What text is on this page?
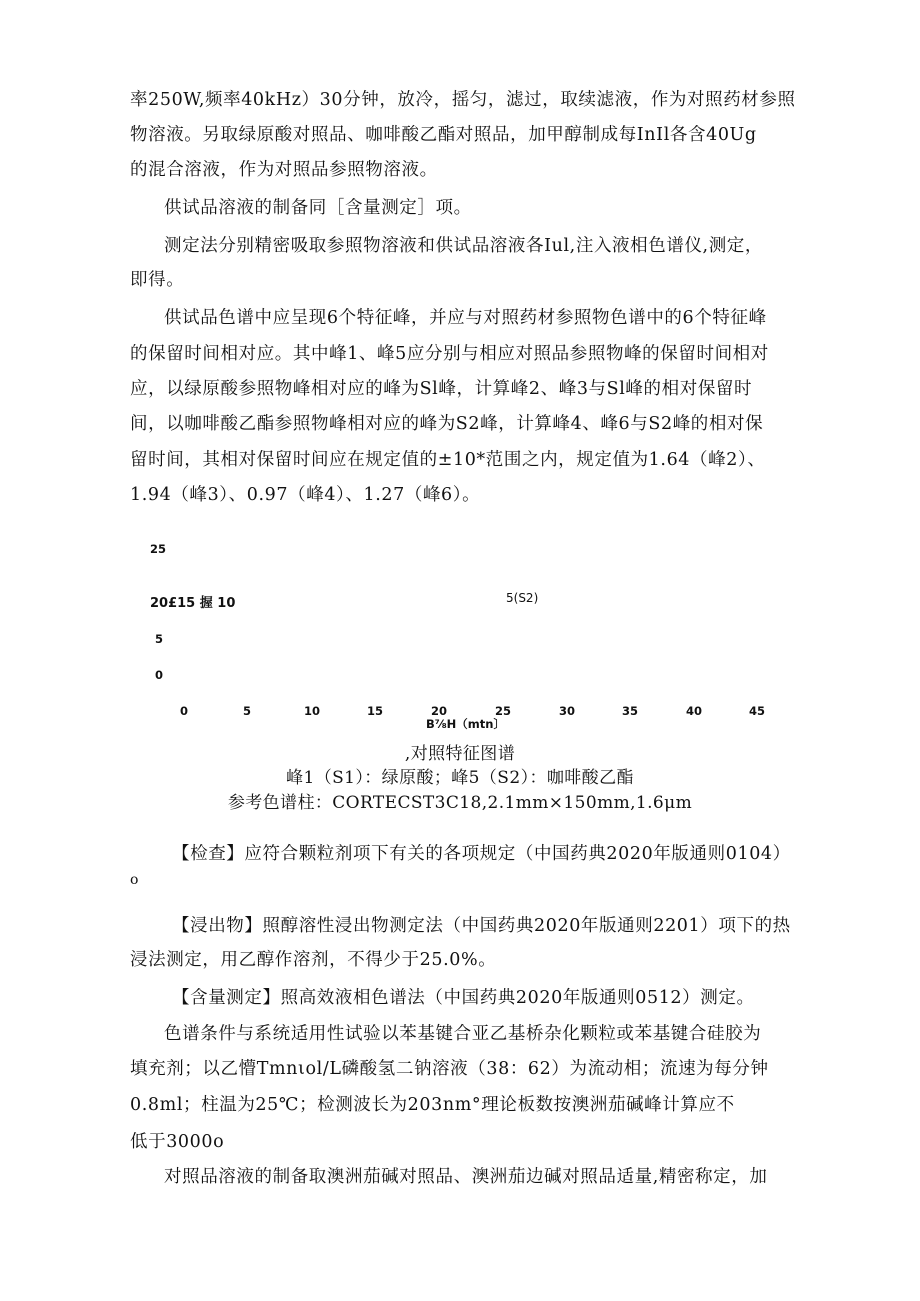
率250W,频率40kHz）30分钟，放冷，摇匀，滤过，取续滤液，作为对照药材参照
物溶液。另取绿原酸对照品、咖啡酸乙酯对照品，加甲醇制成每InIl各含40Ug
的混合溶液，作为对照品参照物溶液。
供试品溶液的制备同［含量测定］项。
测定法分别精密吸取参照物溶液和供试品溶液各Iul,注入液相色谱仪,测定，
即得。
供试品色谱中应呈现6个特征峰，并应与对照药材参照物色谱中的6个特征峰
的保留时间相对应。其中峰1、峰5应分别与相应对照品参照物峰的保留时间相对
应，以绿原酸参照物峰相对应的峰为Sl峰，计算峰2、峰3与Sl峰的相对保留时
间，以咖啡酸乙酯参照物峰相对应的峰为S2峰，计算峰4、峰6与S2峰的相对保
留时间，其相对保留时间应在规定值的±10*范围之内，规定值为1.64（峰2）、
1.94（峰3）、0.97（峰4）、1.27（峰6）。
25
20£15 握 10
5
0
5(S2)
0	5	10	15	20	25	30	35	40	45
B⅞H（mtn〕
,对照特征图谱
峰1（S1）：绿原酸；峰5（S2）：咖啡酸乙酯
参考色谱柱：CORTECST3C18,2.1mm×150mm,1.6μm
【检查】应符合颗粒剂项下有关的各项规定（中国药典2020年版通则0104）
o
【浸出物】照醇溶性浸出物测定法（中国药典2020年版通则2201）项下的热
浸法测定，用乙醇作溶剂，不得少于25.0%。
【含量测定】照高效液相色谱法（中国药典2020年版通则0512）测定。
色谱条件与系统适用性试验以苯基键合亚乙基桥杂化颗粒或苯基键合硅胶为
填充剂；以乙懵Tmnιol/L磷酸氢二钠溶液（38：62）为流动相；流速为每分钟
0.8ml；柱温为25℃；检测波长为203nm°理论板数按澳洲茄碱峰计算应不
低于3000o
对照品溶液的制备取澳洲茄碱对照品、澳洲茄边碱对照品适量,精密称定，加
